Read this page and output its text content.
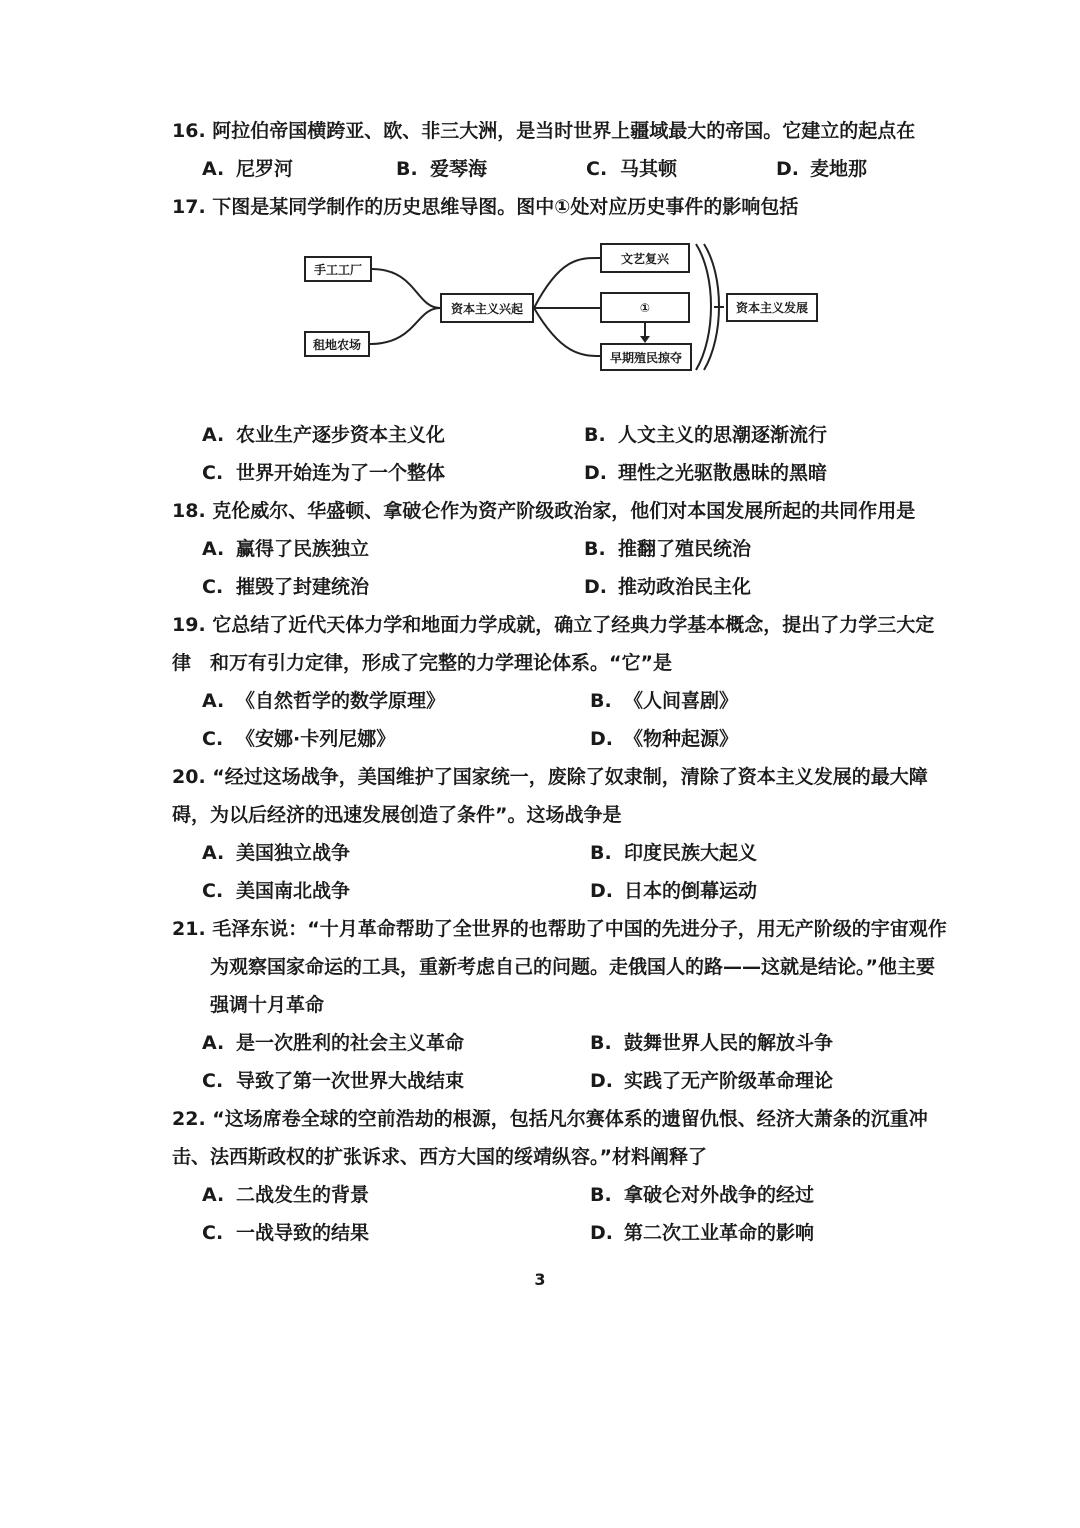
16. 阿拉伯帝国横跨亚、欧、非三大洲，是当时世界上疆域最大的帝国。它建立的起点在
A. 尼罗河	B. 爱琴海	C. 马其顿	D. 麦地那
17. 下图是某同学制作的历史思维导图。图中①处对应历史事件的影响包括
手工工厂
租地农场
资本主义兴起
文艺复兴
①
早期殖民掠夺
资本主义发展
A. 农业生产逐步资本主义化	B. 人文主义的思潮逐渐流行
C. 世界开始连为了一个整体	D. 理性之光驱散愚昧的黑暗
18. 克伦威尔、华盛顿、拿破仑作为资产阶级政治家，他们对本国发展所起的共同作用是
A. 赢得了民族独立	B. 推翻了殖民统治
C. 摧毁了封建统治	D. 推动政治民主化
19. 它总结了近代天体力学和地面力学成就，确立了经典力学基本概念，提出了力学三大定律 和万有引力定律，形成了完整的力学理论体系。“它”是
A. 《自然哲学的数学原理》	B. 《人间喜剧》
C. 《安娜·卡列尼娜》	D. 《物种起源》
20. “经过这场战争，美国维护了国家统一，废除了奴隶制，清除了资本主义发展的最大障碍， 为以后经济的迅速发展创造了条件”。这场战争是
A. 美国独立战争	B. 印度民族大起义
C. 美国南北战争	D. 日本的倒幕运动
21. 毛泽东说：“十月革命帮助了全世界的也帮助了中国的先进分子，用无产阶级的宇宙观作
为观察国家命运的工具，重新考虑自己的问题。走俄国人的路——这就是结论。”他主要
强调十月革命
A. 是一次胜利的社会主义革命	B. 鼓舞世界人民的解放斗争
C. 导致了第一次世界大战结束	D. 实践了无产阶级革命理论
22. “这场席卷全球的空前浩劫的根源，包括凡尔赛体系的遗留仇恨、经济大萧条的沉重冲击、 法西斯政权的扩张诉求、西方大国的绥靖纵容。”材料阐释了
A. 二战发生的背景	B. 拿破仑对外战争的经过
C. 一战导致的结果	D. 第二次工业革命的影响
3
